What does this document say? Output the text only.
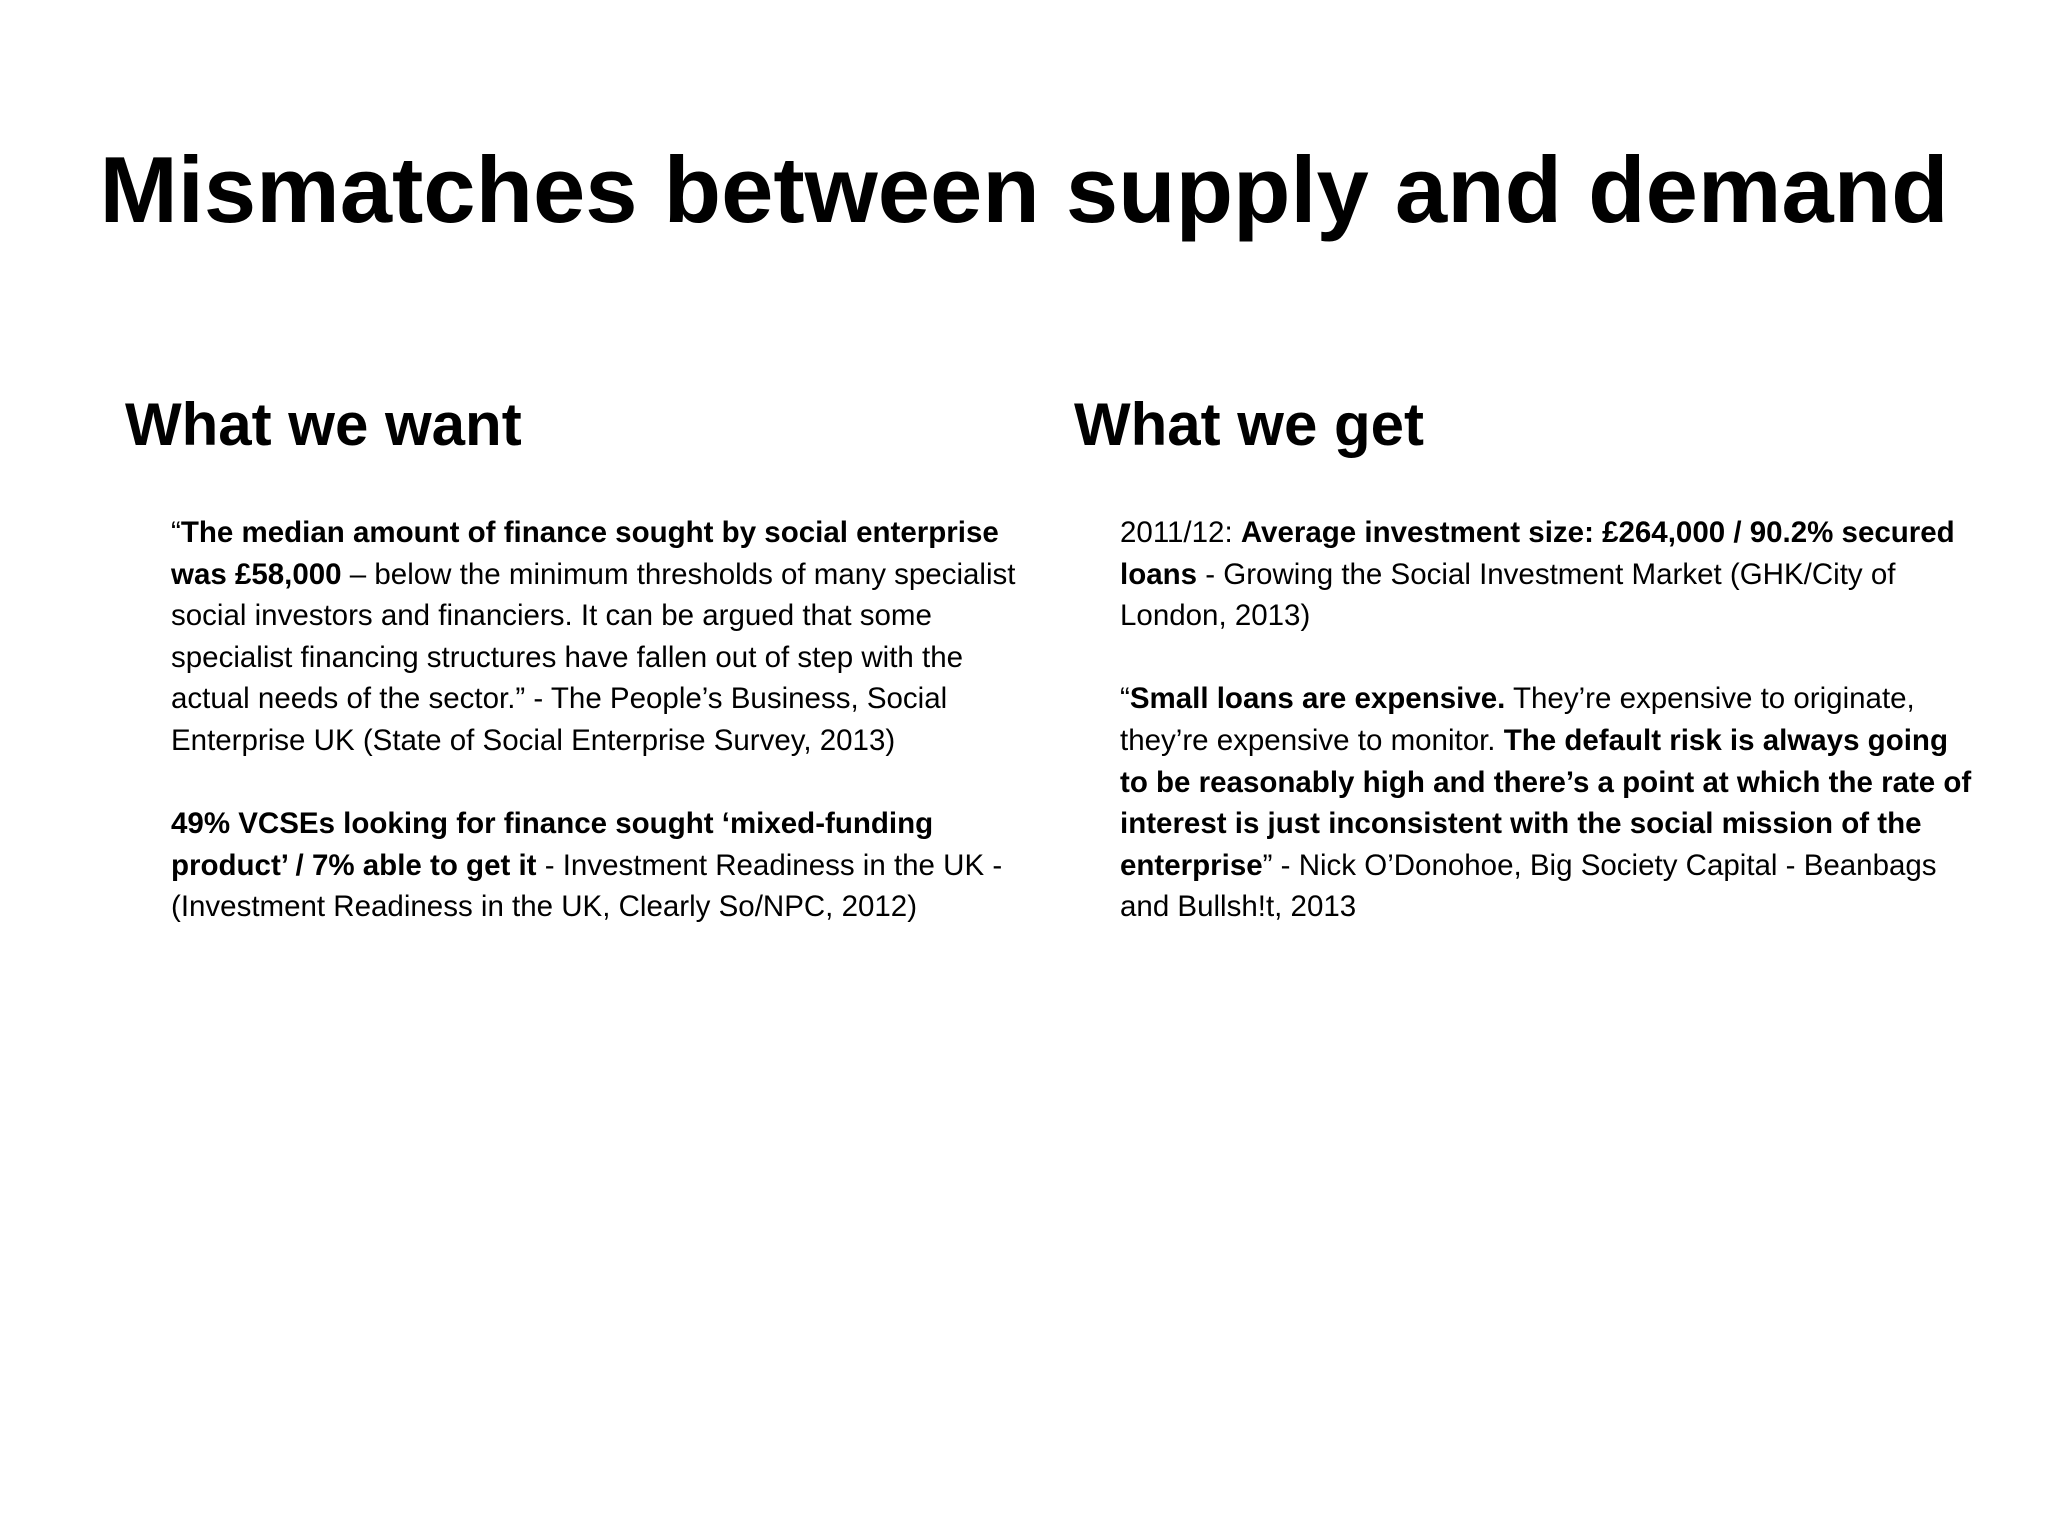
Mismatches between supply and demand
What we want	What we get

“The median amount of finance sought by social enterprise was £58,000 – below the minimum thresholds of many specialist social investors and financiers. It can be argued that some specialist financing structures have fallen out of step with the actual needs of the sector.” - The People’s Business, Social Enterprise UK (State of Social Enterprise Survey, 2013)

49% VCSEs looking for finance sought ‘mixed-funding product’ / 7% able to get it - Investment Readiness in the UK - (Investment Readiness in the UK, Clearly So/NPC, 2012)

2011/12: Average investment size: £264,000 / 90.2% secured loans - Growing the Social Investment Market (GHK/City of London, 2013)

“Small loans are expensive. They’re expensive to originate, they’re expensive to monitor. The default risk is always going to be reasonably high and there’s a point at which the rate of interest is just inconsistent with the social mission of the enterprise” - Nick O’Donohoe, Big Society Capital - Beanbags and Bullsh!t, 2013
